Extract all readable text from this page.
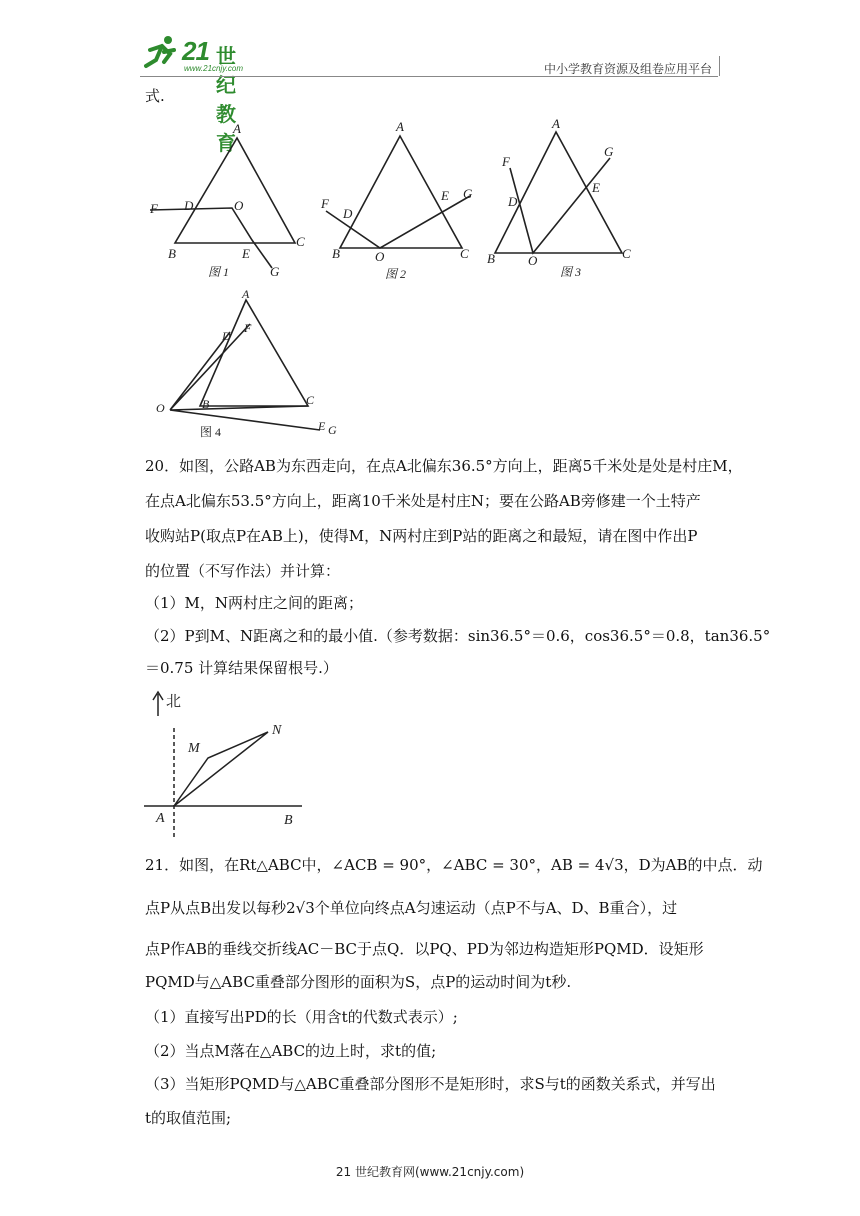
21 世纪教育
www.21cnjy.com	中小学教育资源及组卷应用平台
式.
A
B
C
D	O
E
G
F
A
B	C
D
O
E G
F
A
B	C
D
O
E
G
F
图 1	图 2	图 3
A
D
F
B	C
O
E G
图 4
20．如图，公路AB为东西走向，在点A北偏东36.5°方向上，距离5千米处是处是村庄M，
在点A北偏东53.5°方向上，距离10千米处是村庄N；要在公路AB旁修建一个土特产
收购站P(取点P在AB上)，使得M，N两村庄到P站的距离之和最短，请在图中作出P
的位置（不写作法）并计算：
（1）M，N两村庄之间的距离；
（2）P到M、N距离之和的最小值.（参考数据：sin36.5°＝0.6，cos36.5°＝0.8，tan36.5°
＝0.75 计算结果保留根号.）
北
M
N
A	B
21．如图，在Rt△ABC中，∠ACB = 90°，∠ABC = 30°，AB = 4√3，D为AB的中点．动
点P从点B出发以每秒2√3个单位向终点A匀速运动（点P不与A、D、B重合），过
点P作AB的垂线交折线AC－BC于点Q．以PQ、PD为邻边构造矩形PQMD．设矩形
PQMD与△ABC重叠部分图形的面积为S，点P的运动时间为t秒.
（1）直接写出PD的长（用含t的代数式表示）;
（2）当点M落在△ABC的边上时，求t的值;
（3）当矩形PQMD与△ABC重叠部分图形不是矩形时，求S与t的函数关系式，并写出
t的取值范围;
21 世纪教育网(www.21cnjy.com)
